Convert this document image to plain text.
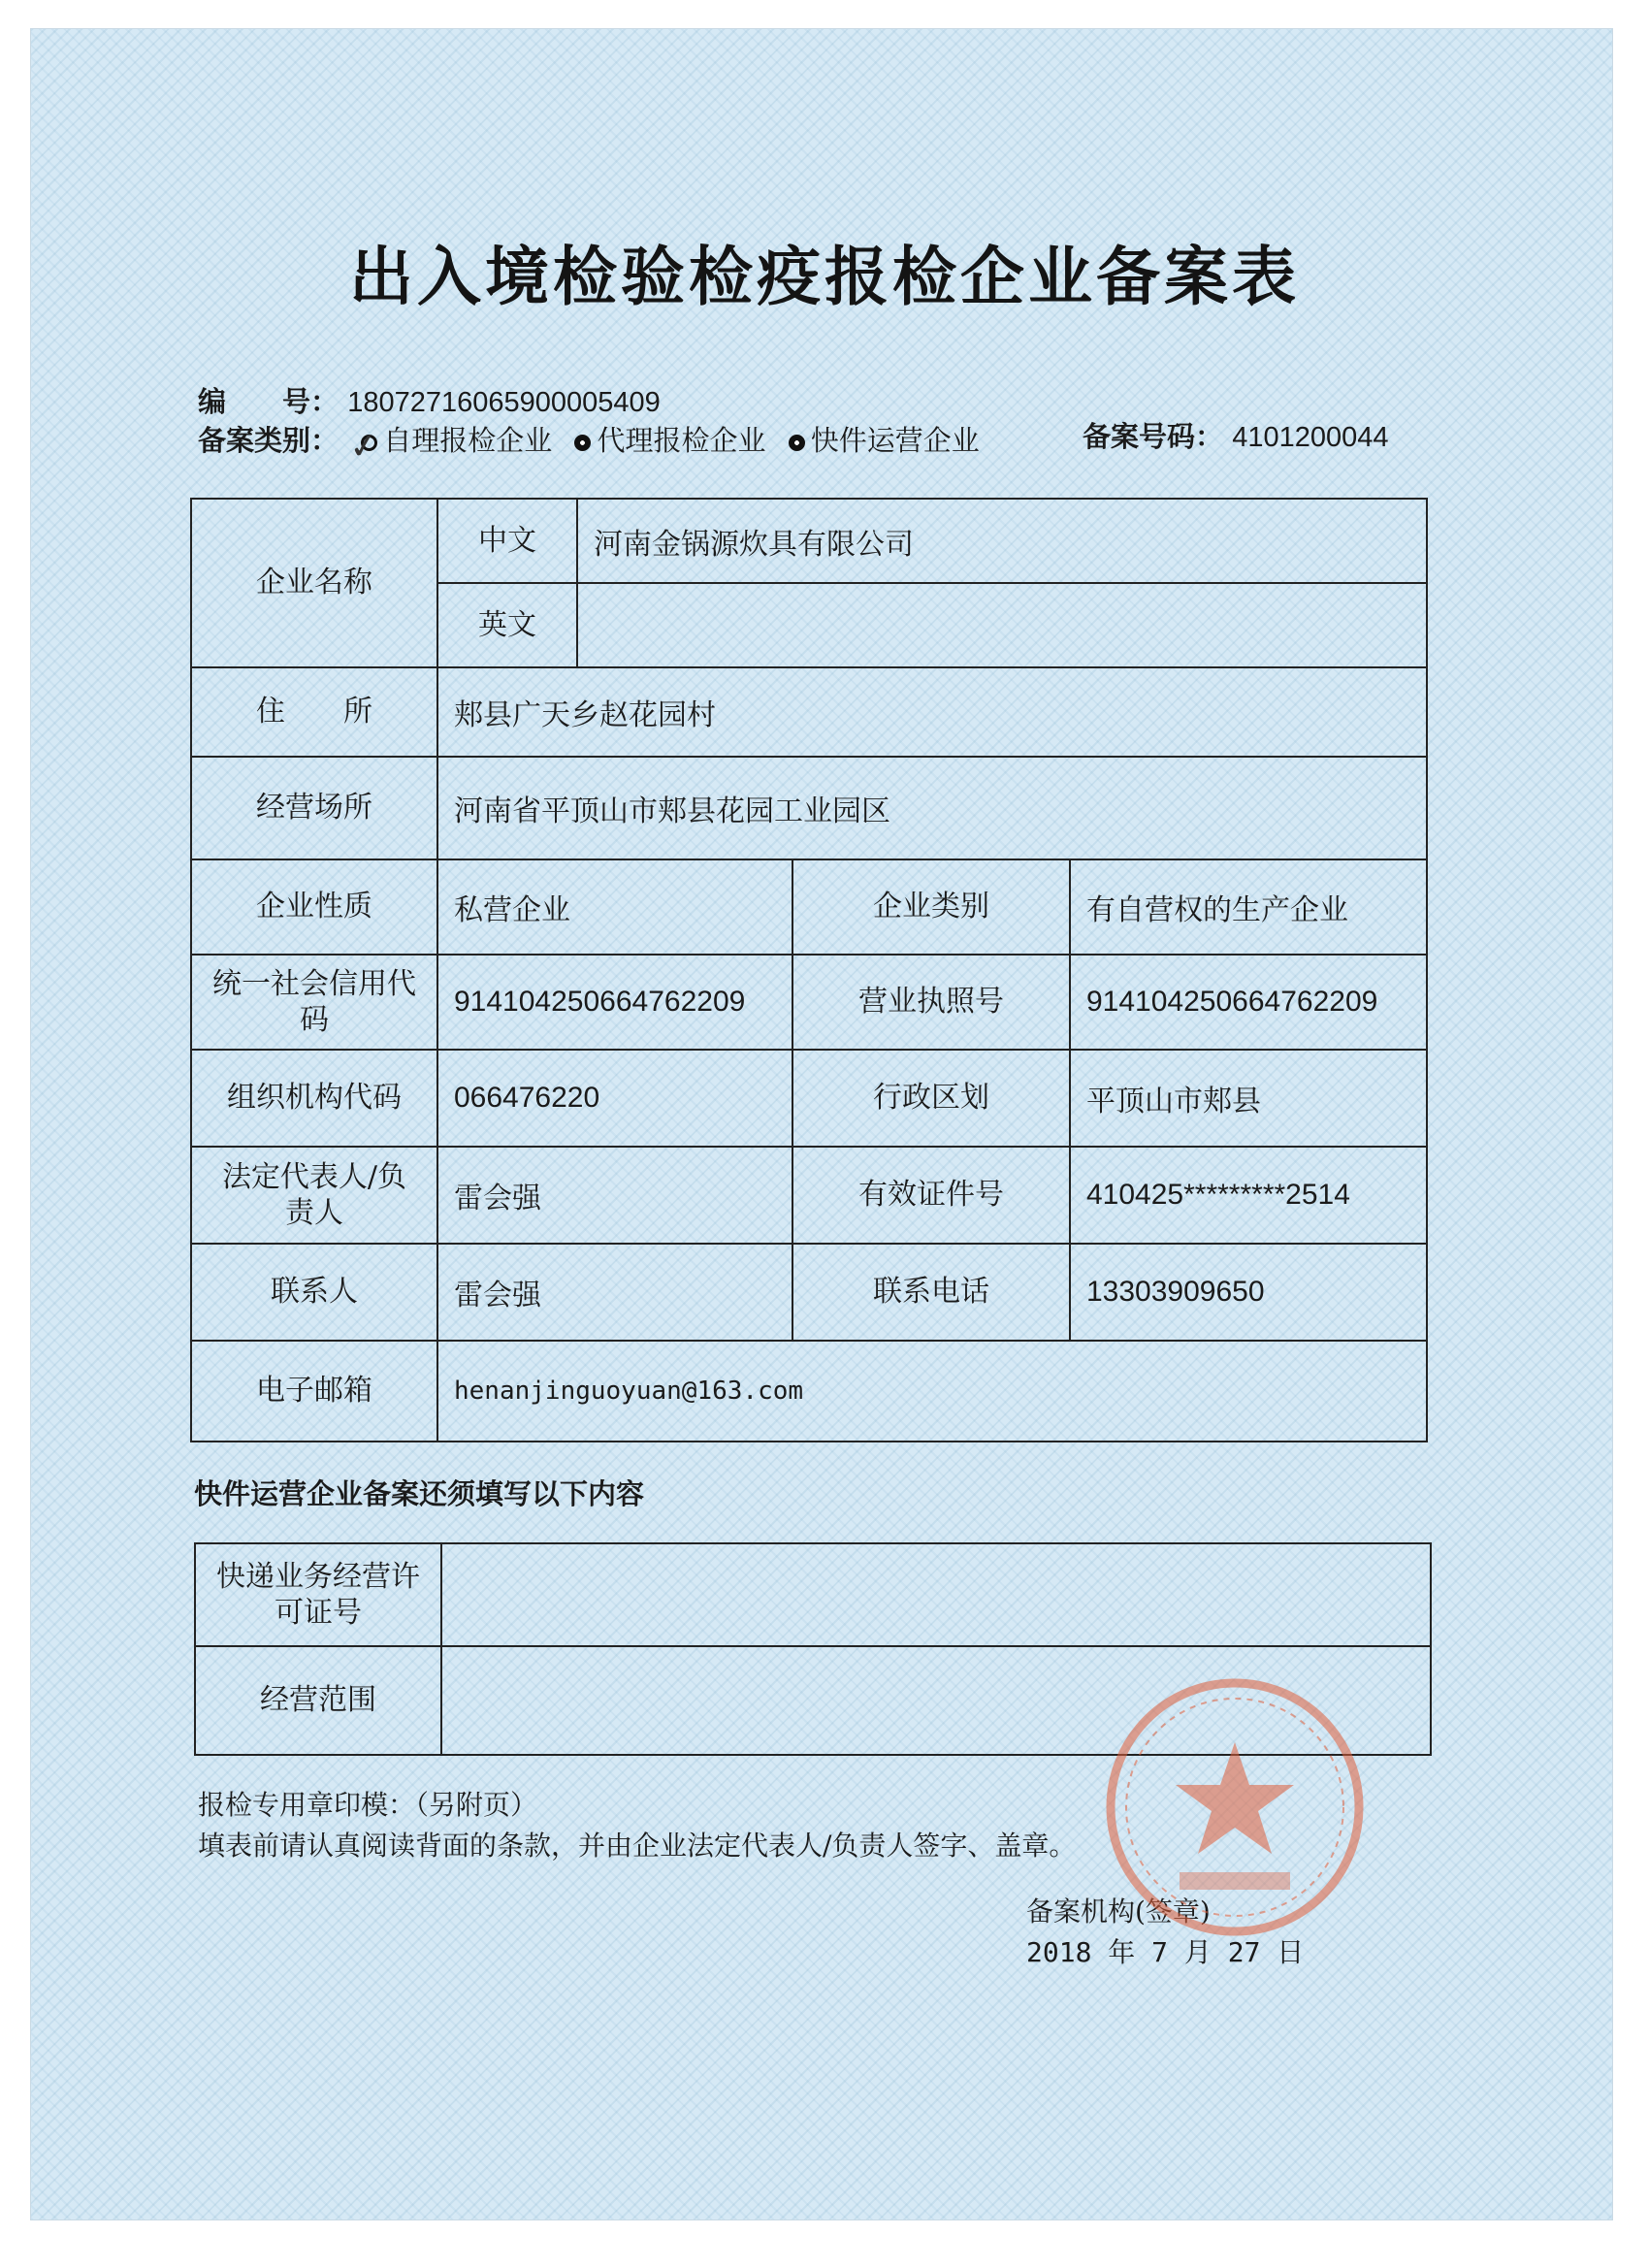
出入境检验检疫报检企业备案表
编　　号： 18072716065900005409
备案类别： 自理报检企业 代理报检企业 快件运营企业
✓	备案号码： 4101200044
企业名称	中文	河南金锅源炊具有限公司		
	英文			
住　　所	郏县广天乡赵花园村			
经营场所	河南省平顶山市郏县花园工业园区			
企业性质	私营企业		企业类别	有自营权的生产企业
统一社会信用代码	914104250664762209		营业执照号	914104250664762209
组织机构代码	066476220		行政区划	平顶山市郏县
法定代表人/负责人	雷会强		有效证件号	410425*********2514
联系人	雷会强		联系电话	13303909650
电子邮箱	henanjinguoyuan@163.com			
快件运营企业备案还须填写以下内容
快递业务经营许可证号	
经营范围	
报检专用章印模：（另附页）
填表前请认真阅读背面的条款，并由企业法定代表人/负责人签字、盖章。
备案机构(签章)
2018 年 7 月 27 日
